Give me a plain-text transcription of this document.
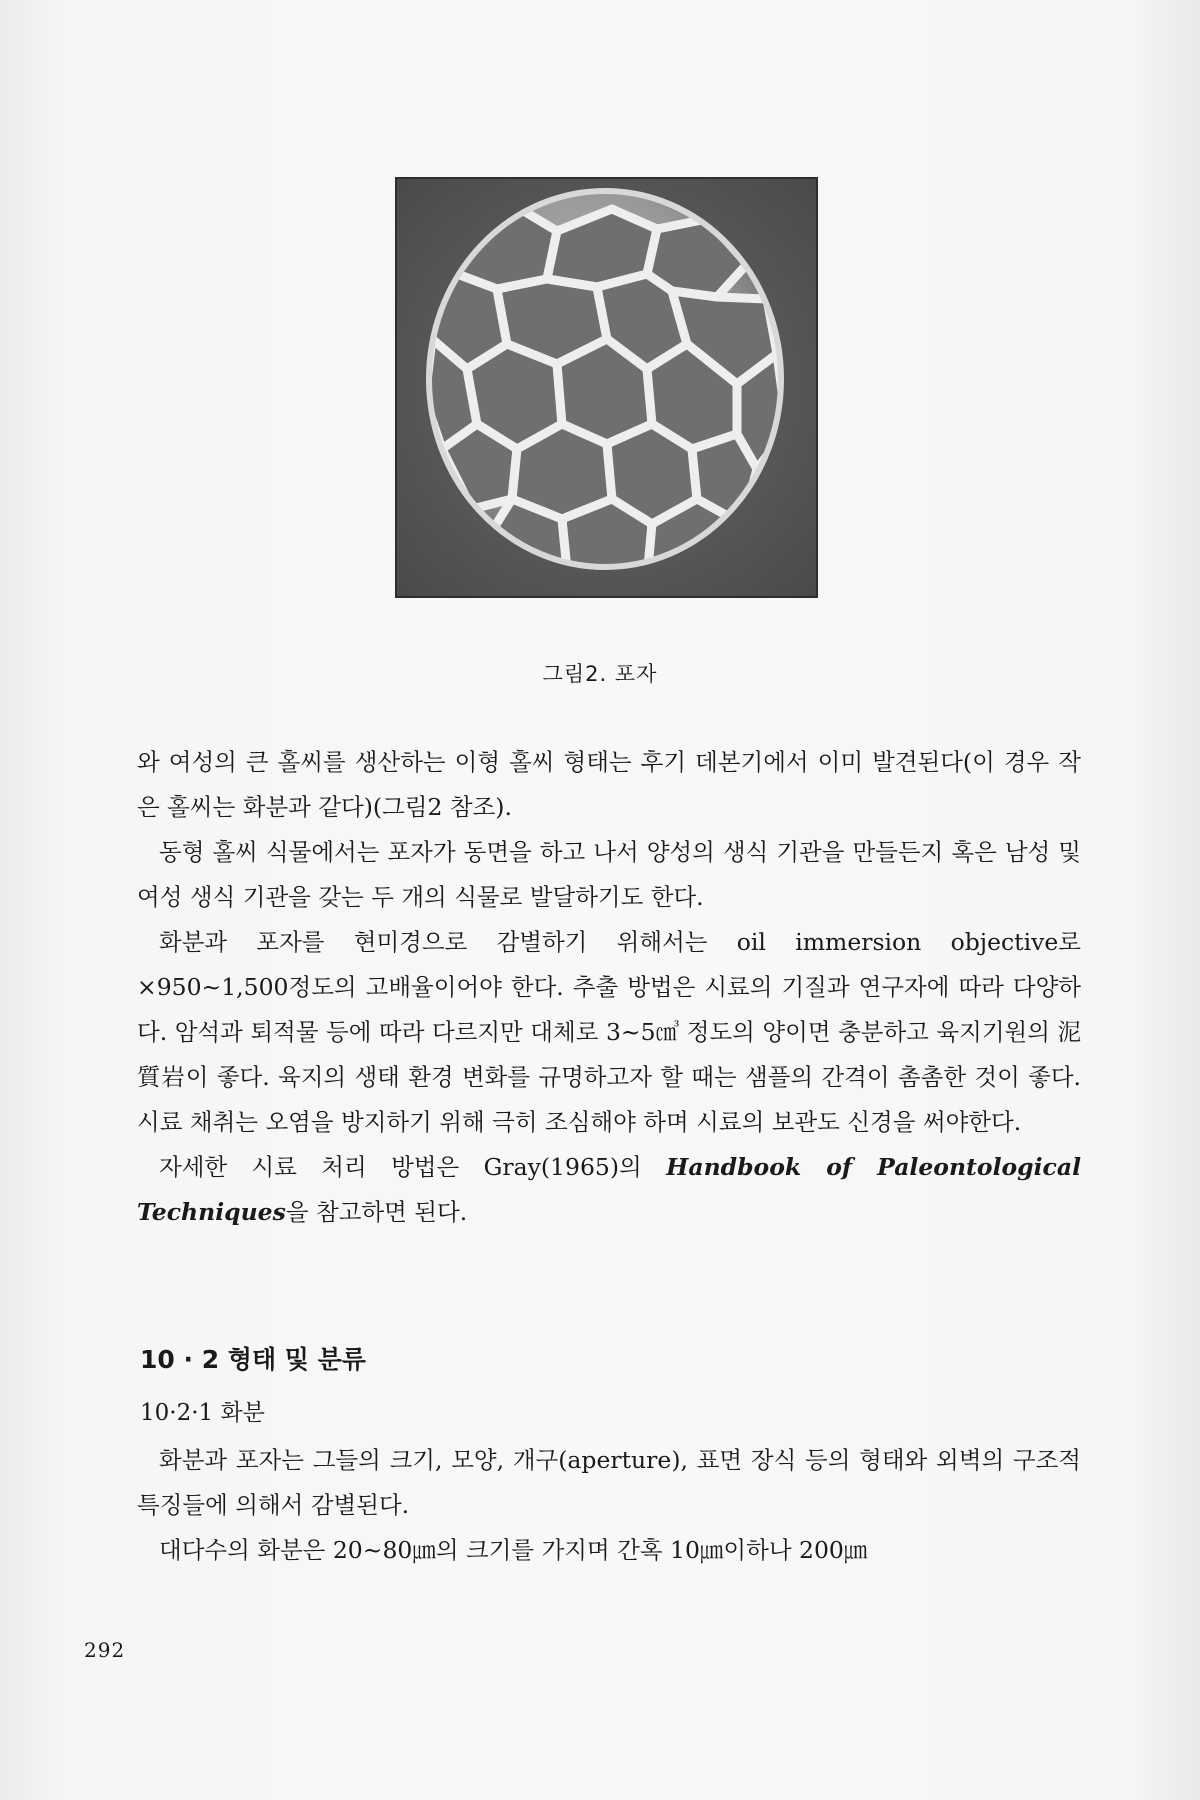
그림2. 포자

와 여성의 큰 홀씨를 생산하는 이형 홀씨 형태는 후기 데본기에서 이미 발견된다(이 경우 작은 홀씨는 화분과 같다)(그림2 참조).

동형 홀씨 식물에서는 포자가 동면을 하고 나서 양성의 생식 기관을 만들든지 혹은 남성 및 여성 생식 기관을 갖는 두 개의 식물로 발달하기도 한다.

화분과 포자를 현미경으로 감별하기 위해서는 oil immersion objective로 ×950~1,500정도의 고배율이어야 한다. 추출 방법은 시료의 기질과 연구자에 따라 다양하다. 암석과 퇴적물 등에 따라 다르지만 대체로 3~5㎤ 정도의 양이면 충분하고 육지기원의 泥質岩이 좋다. 육지의 생태 환경 변화를 규명하고자 할 때는 샘플의 간격이 촘촘한 것이 좋다. 시료 채취는 오염을 방지하기 위해 극히 조심해야 하며 시료의 보관도 신경을 써야한다.

자세한 시료 처리 방법은 Gray(1965)의 Handbook of Paleontological Techniques을 참고하면 된다.

10 · 2 형태 및 분류
10·2·1 화분

화분과 포자는 그들의 크기, 모양, 개구(aperture), 표면 장식 등의 형태와 외벽의 구조적 특징들에 의해서 감별된다.

대다수의 화분은 20~80㎛의 크기를 가지며 간혹 10㎛이하나 200㎛

292
